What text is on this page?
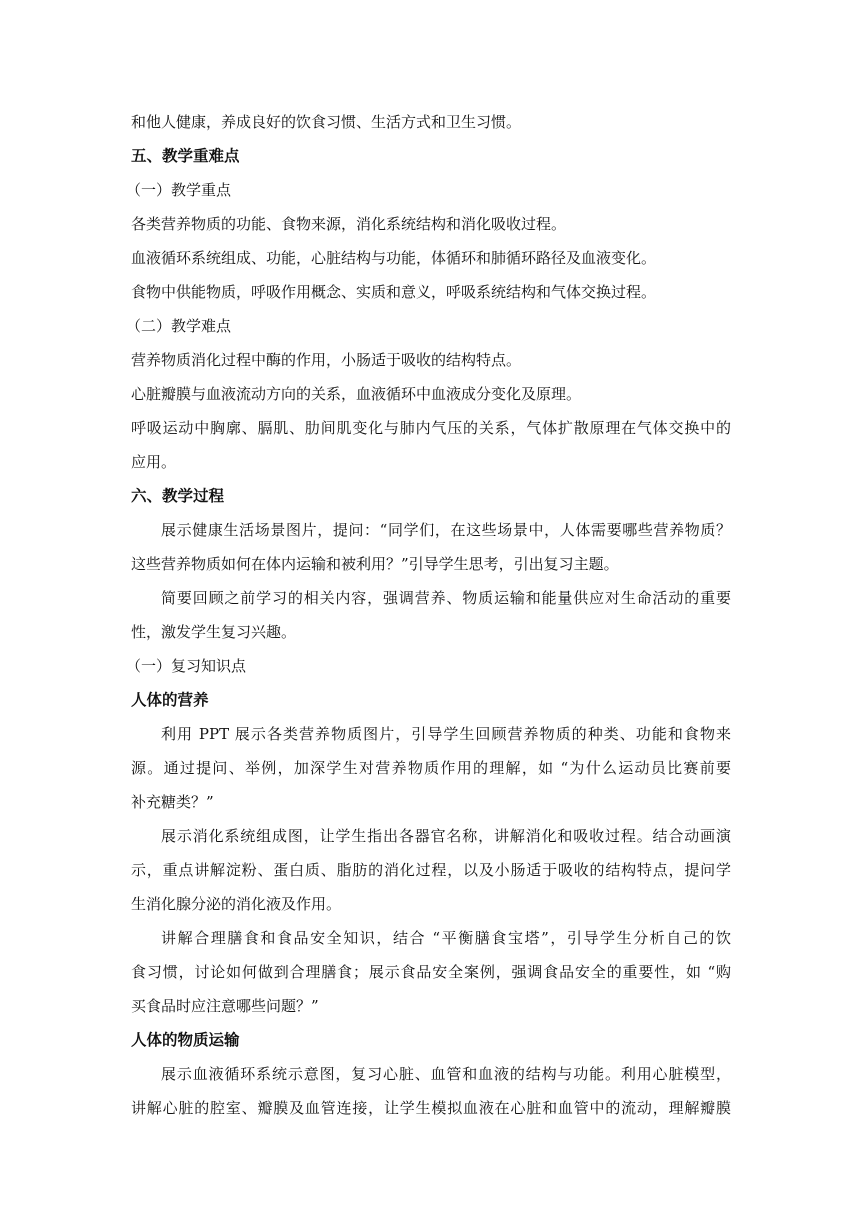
和他人健康，养成良好的饮食习惯、生活方式和卫生习惯。
五、教学重难点
（一）教学重点
各类营养物质的功能、食物来源，消化系统结构和消化吸收过程。
血液循环系统组成、功能，心脏结构与功能，体循环和肺循环路径及血液变化。
食物中供能物质，呼吸作用概念、实质和意义，呼吸系统结构和气体交换过程。
（二）教学难点
营养物质消化过程中酶的作用，小肠适于吸收的结构特点。
心脏瓣膜与血液流动方向的关系，血液循环中血液成分变化及原理。
呼吸运动中胸廓、膈肌、肋间肌变化与肺内气压的关系，气体扩散原理在气体交换中的
应用。
六、教学过程
展示健康生活场景图片，提问：“同学们，在这些场景中，人体需要哪些营养物质？
这些营养物质如何在体内运输和被利用？”引导学生思考，引出复习主题。
简要回顾之前学习的相关内容，强调营养、物质运输和能量供应对生命活动的重要
性，激发学生复习兴趣。
（一）复习知识点
人体的营养
利用 PPT 展示各类营养物质图片，引导学生回顾营养物质的种类、功能和食物来
源。通过提问、举例，加深学生对营养物质作用的理解，如 “为什么运动员比赛前要
补充糖类？”
展示消化系统组成图，让学生指出各器官名称，讲解消化和吸收过程。结合动画演
示，重点讲解淀粉、蛋白质、脂肪的消化过程，以及小肠适于吸收的结构特点，提问学
生消化腺分泌的消化液及作用。
讲解合理膳食和食品安全知识，结合 “平衡膳食宝塔”，引导学生分析自己的饮
食习惯，讨论如何做到合理膳食；展示食品安全案例，强调食品安全的重要性，如 “购
买食品时应注意哪些问题？”
人体的物质运输
展示血液循环系统示意图，复习心脏、血管和血液的结构与功能。利用心脏模型，
讲解心脏的腔室、瓣膜及血管连接，让学生模拟血液在心脏和血管中的流动，理解瓣膜
